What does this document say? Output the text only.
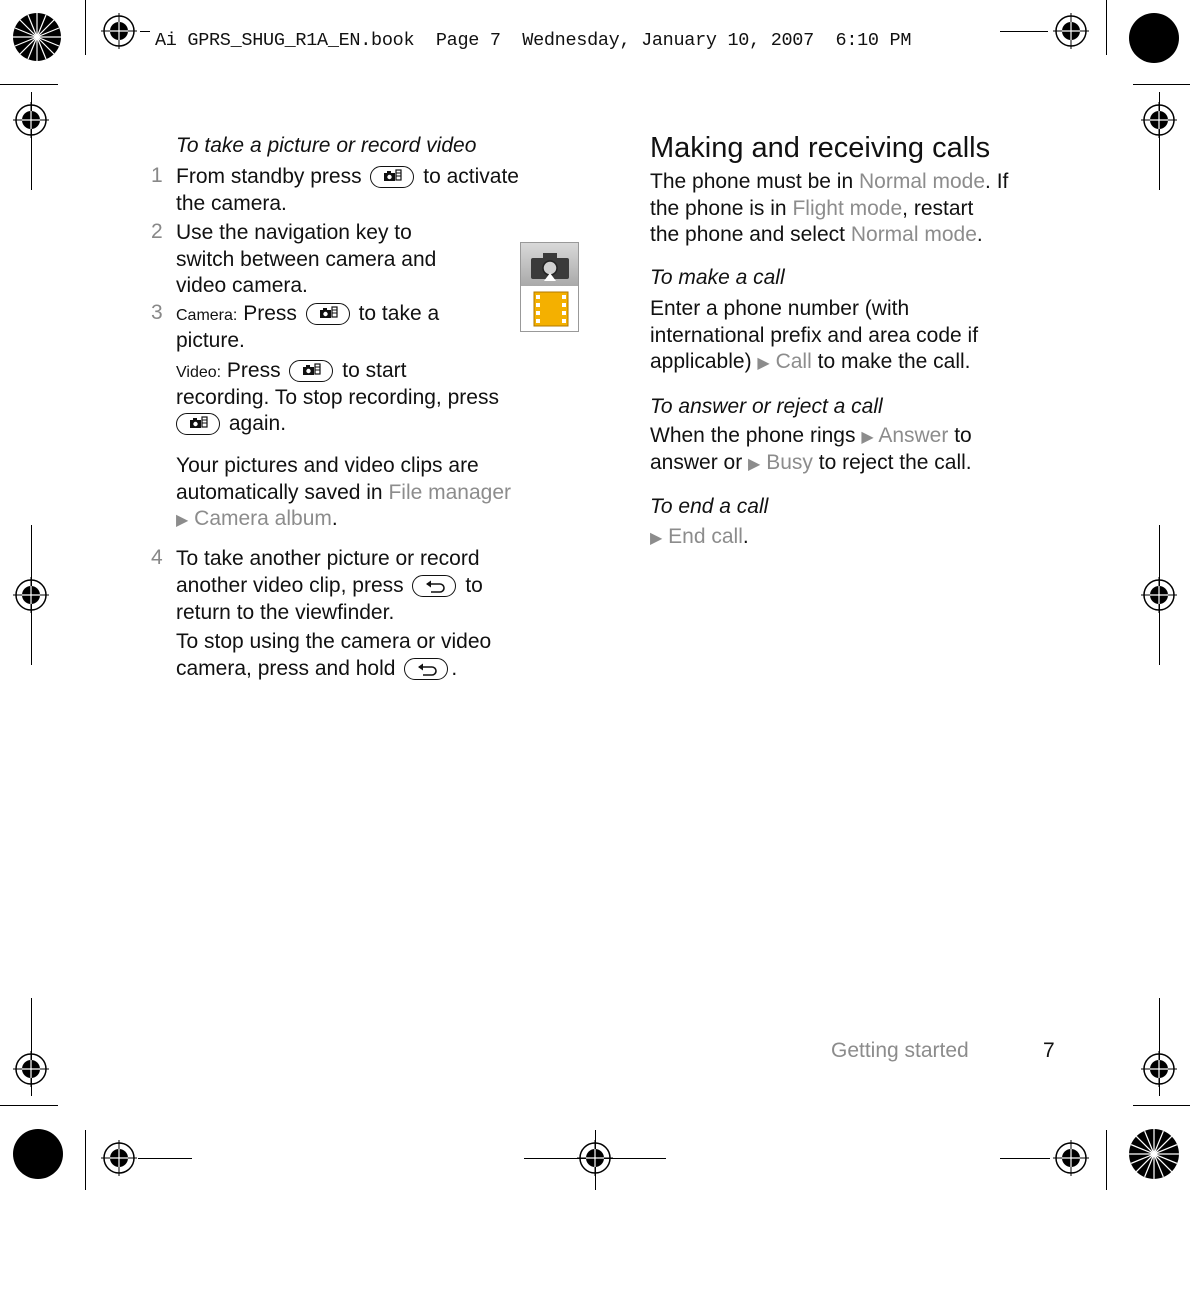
Ai GPRS_SHUG_R1A_EN.book  Page 7  Wednesday, January 10, 2007  6:10 PM
To take a picture or record video
1 From standby press	to activate
the camera.
2 Use the navigation key to
switch between camera and
video camera.
3 Camera: Press	to take a
picture.
Video: Press	to start
recording. To stop recording, press
again.
Your pictures and video clips are
automatically saved in File manager
▶ Camera album.
4 To take another picture or record
another video clip, press	to
return to the viewfinder.
To stop using the camera or video
camera, press and hold	.
Making and receiving calls
The phone must be in Normal mode. If
the phone is in Flight mode, restart
the phone and select Normal mode.
To make a call
Enter a phone number (with
international prefix and area code if
applicable) ▶ Call to make the call.
To answer or reject a call
When the phone rings ▶ Answer to
answer or ▶ Busy to reject the call.
To end a call
▶ End call.
Getting started	7
